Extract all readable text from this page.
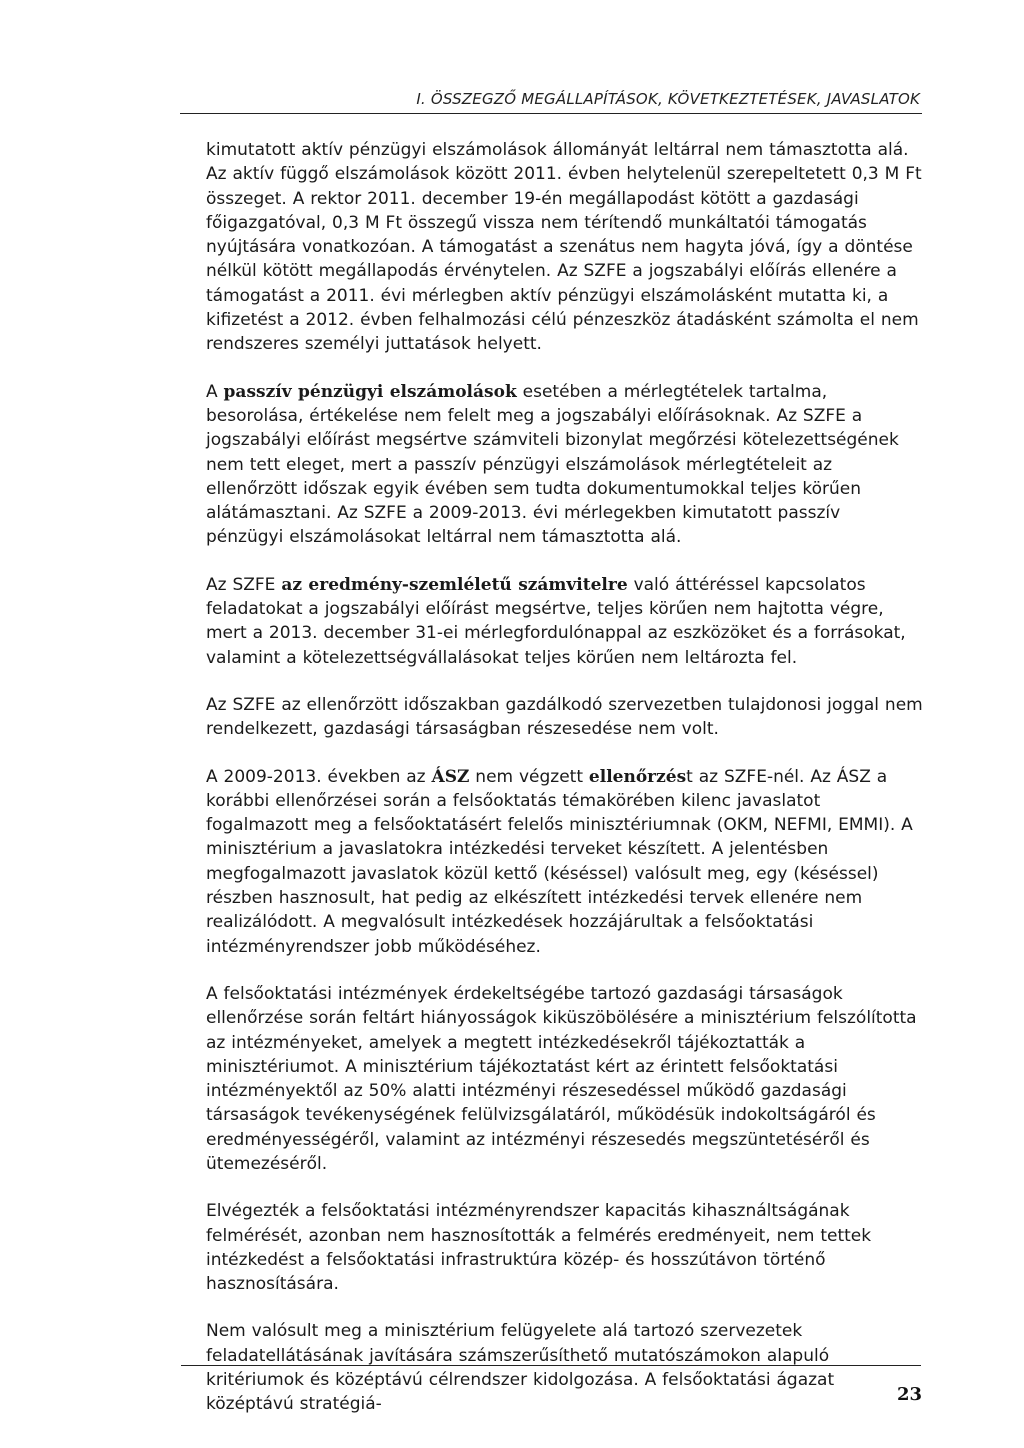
I. ÖSSZEGZŐ MEGÁLLAPÍTÁSOK, KÖVETKEZTETÉSEK, JAVASLATOK

kimutatott aktív pénzügyi elszámolások állományát leltárral nem támasztotta alá. Az aktív függő elszámolások között 2011. évben helytelenül szerepeltetett 0,3 M Ft összeget. A rektor 2011. december 19-én megállapodást kötött a gazdasági főigazgatóval, 0,3 M Ft összegű vissza nem térítendő munkáltatói támogatás nyújtására vonatkozóan. A támogatást a szenátus nem hagyta jóvá, így a döntése nélkül kötött megállapodás érvénytelen. Az SZFE a jogszabályi előírás ellenére a támogatást a 2011. évi mérlegben aktív pénzügyi elszámolásként mutatta ki, a kifizetést a 2012. évben felhalmozási célú pénzeszköz átadásként számolta el nem rendszeres személyi juttatások helyett.

A passzív pénzügyi elszámolások esetében a mérlegtételek tartalma, besorolása, értékelése nem felelt meg a jogszabályi előírásoknak. Az SZFE a jogszabályi előírást megsértve számviteli bizonylat megőrzési kötelezettségének nem tett eleget, mert a passzív pénzügyi elszámolások mérlegtételeit az ellenőrzött időszak egyik évében sem tudta dokumentumokkal teljes körűen alátámasztani. Az SZFE a 2009-2013. évi mérlegekben kimutatott passzív pénzügyi elszámolásokat leltárral nem támasztotta alá.

Az SZFE az eredmény-szemléletű számvitelre való áttéréssel kapcsolatos feladatokat a jogszabályi előírást megsértve, teljes körűen nem hajtotta végre, mert a 2013. december 31-ei mérlegfordulónappal az eszközöket és a forrásokat, valamint a kötelezettségvállalásokat teljes körűen nem leltározta fel.

Az SZFE az ellenőrzött időszakban gazdálkodó szervezetben tulajdonosi joggal nem rendelkezett, gazdasági társaságban részesedése nem volt.

A 2009-2013. években az ÁSZ nem végzett ellenőrzést az SZFE-nél. Az ÁSZ a korábbi ellenőrzései során a felsőoktatás témakörében kilenc javaslatot fogalmazott meg a felsőoktatásért felelős minisztériumnak (OKM, NEFMI, EMMI). A minisztérium a javaslatokra intézkedési terveket készített. A jelentésben megfogalmazott javaslatok közül kettő (késéssel) valósult meg, egy (késéssel) részben hasznosult, hat pedig az elkészített intézkedési tervek ellenére nem realizálódott. A megvalósult intézkedések hozzájárultak a felsőoktatási intézményrendszer jobb működéséhez.

A felsőoktatási intézmények érdekeltségébe tartozó gazdasági társaságok ellenőrzése során feltárt hiányosságok kiküszöbölésére a minisztérium felszólította az intézményeket, amelyek a megtett intézkedésekről tájékoztatták a minisztériumot. A minisztérium tájékoztatást kért az érintett felsőoktatási intézményektől az 50% alatti intézményi részesedéssel működő gazdasági társaságok tevékenységének felülvizsgálatáról, működésük indokoltságáról és eredményességéről, valamint az intézményi részesedés megszüntetéséről és ütemezéséről.

Elvégezték a felsőoktatási intézményrendszer kapacitás kihasználtságának felmérését, azonban nem hasznosították a felmérés eredményeit, nem tettek intézkedést a felsőoktatási infrastruktúra közép- és hosszútávon történő hasznosítására.

Nem valósult meg a minisztérium felügyelete alá tartozó szervezetek feladatellátásának javítására számszerűsíthető mutatószámokon alapuló kritériumok és középtávú célrendszer kidolgozása. A felsőoktatási ágazat középtávú stratégiá-	23
